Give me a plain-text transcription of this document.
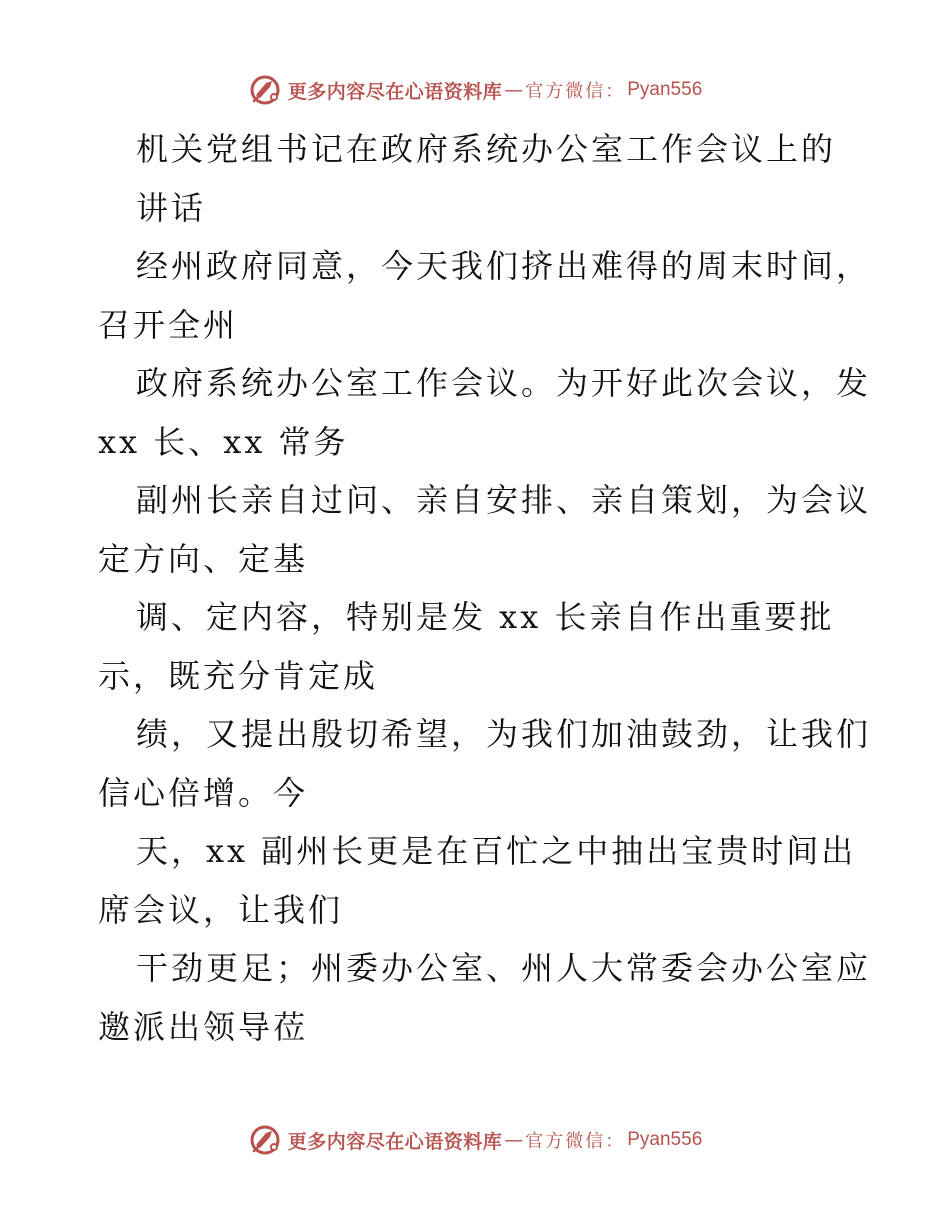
更多内容尽在心语资料库 — 官方微信： Pyan556
机关党组书记在政府系统办公室工作会议上的
讲话
经州政府同意，今天我们挤出难得的周末时间，
召开全州
政府系统办公室工作会议。为开好此次会议，发
xx 长、xx 常务
副州长亲自过问、亲自安排、亲自策划，为会议
定方向、定基
调、定内容，特别是发 xx 长亲自作出重要批
示，既充分肯定成
绩，又提出殷切希望，为我们加油鼓劲，让我们
信心倍增。今
天，xx 副州长更是在百忙之中抽出宝贵时间出
席会议，让我们
干劲更足；州委办公室、州人大常委会办公室应
邀派出领导莅
更多内容尽在心语资料库 — 官方微信： Pyan556
